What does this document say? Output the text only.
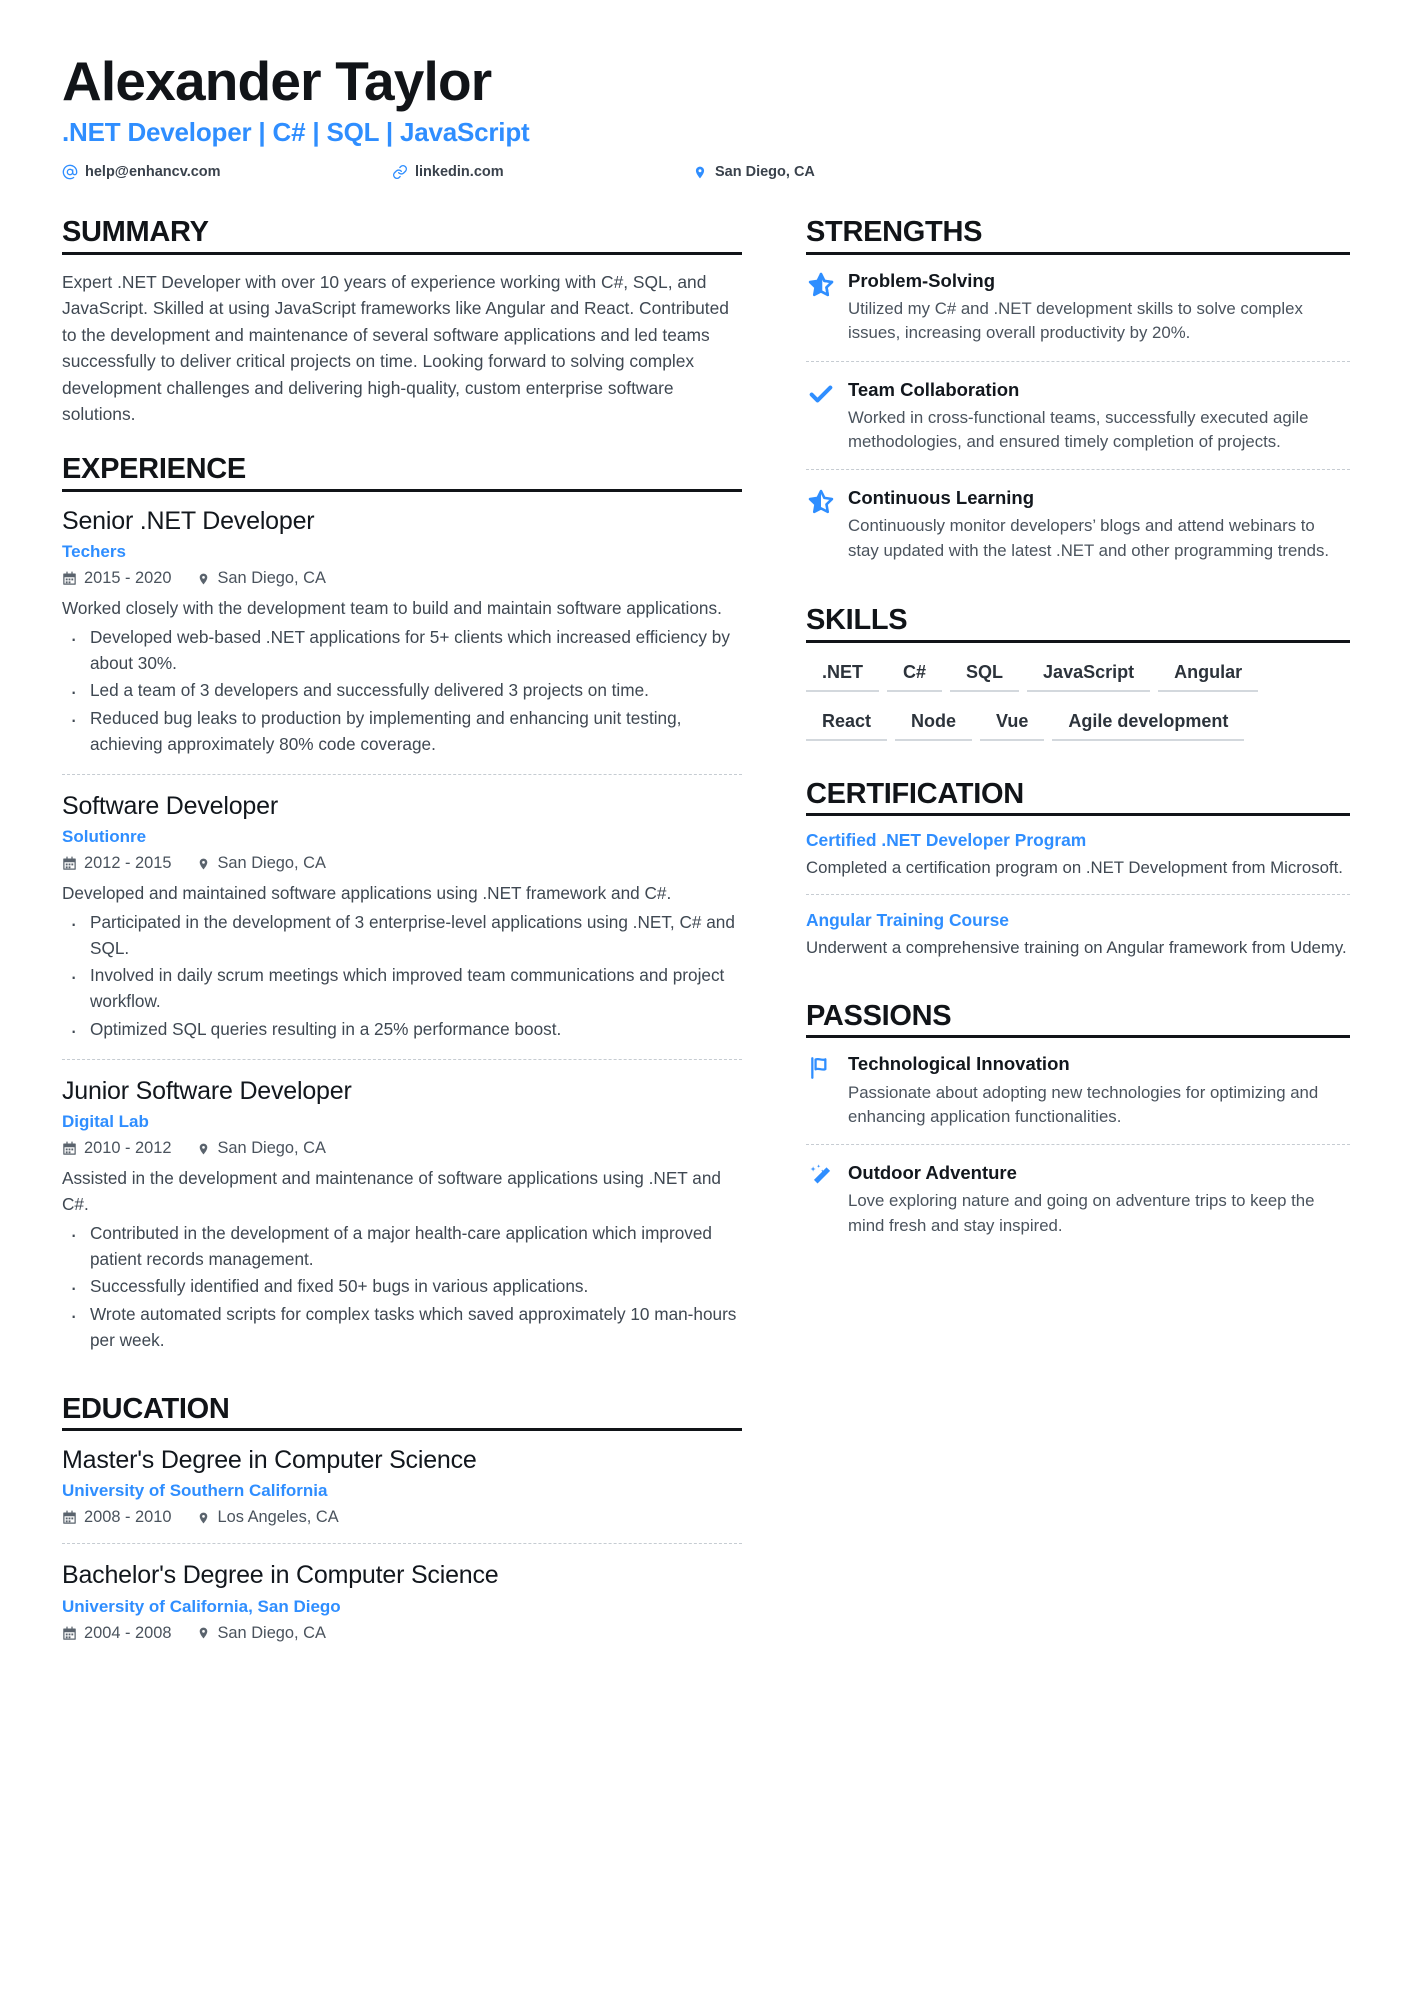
Alexander Taylor
.NET Developer | C# | SQL | JavaScript
help@enhancv.com	linkedin.com	San Diego, CA
SUMMARY

Expert .NET Developer with over 10 years of experience working with C#, SQL, and JavaScript. Skilled at using JavaScript frameworks like Angular and React. Contributed to the development and maintenance of several software applications and led teams successfully to deliver critical projects on time. Looking forward to solving complex development challenges and delivering high-quality, custom enterprise software solutions.

EXPERIENCE
Senior .NET Developer
Techers
2015 - 2020	San Diego, CA

Worked closely with the development team to build and maintain software applications.

· Developed web-based .NET applications for 5+ clients which increased efficiency by about 30%.
· Led a team of 3 developers and successfully delivered 3 projects on time.
· Reduced bug leaks to production by implementing and enhancing unit testing, achieving approximately 80% code coverage.
Software Developer
Solutionre
2012 - 2015	San Diego, CA

Developed and maintained software applications using .NET framework and C#.

· Participated in the development of 3 enterprise-level applications using .NET, C# and SQL.
· Involved in daily scrum meetings which improved team communications and project workflow.
· Optimized SQL queries resulting in a 25% performance boost.
Junior Software Developer
Digital Lab
2010 - 2012	San Diego, CA

Assisted in the development and maintenance of software applications using .NET and C#.

· Contributed in the development of a major health-care application which improved patient records management.
· Successfully identified and fixed 50+ bugs in various applications.
· Wrote automated scripts for complex tasks which saved approximately 10 man-hours per week.
EDUCATION
Master's Degree in Computer Science
University of Southern California
2008 - 2010	Los Angeles, CA
Bachelor's Degree in Computer Science
University of California, San Diego
2004 - 2008	San Diego, CA
STRENGTHS
Problem-Solving
Utilized my C# and .NET development skills to solve complex issues, increasing overall productivity by 20%.
Team Collaboration
Worked in cross-functional teams, successfully executed agile methodologies, and ensured timely completion of projects.
Continuous Learning
Continuously monitor developers’ blogs and attend webinars to stay updated with the latest .NET and other programming trends.
SKILLS
.NET	C#	SQL	JavaScript	Angular
React	Node	Vue	Agile development
CERTIFICATION
Certified .NET Developer Program
Completed a certification program on .NET Development from Microsoft.
Angular Training Course
Underwent a comprehensive training on Angular framework from Udemy.
PASSIONS
Technological Innovation
Passionate about adopting new technologies for optimizing and enhancing application functionalities.
Outdoor Adventure
Love exploring nature and going on adventure trips to keep the mind fresh and stay inspired.
